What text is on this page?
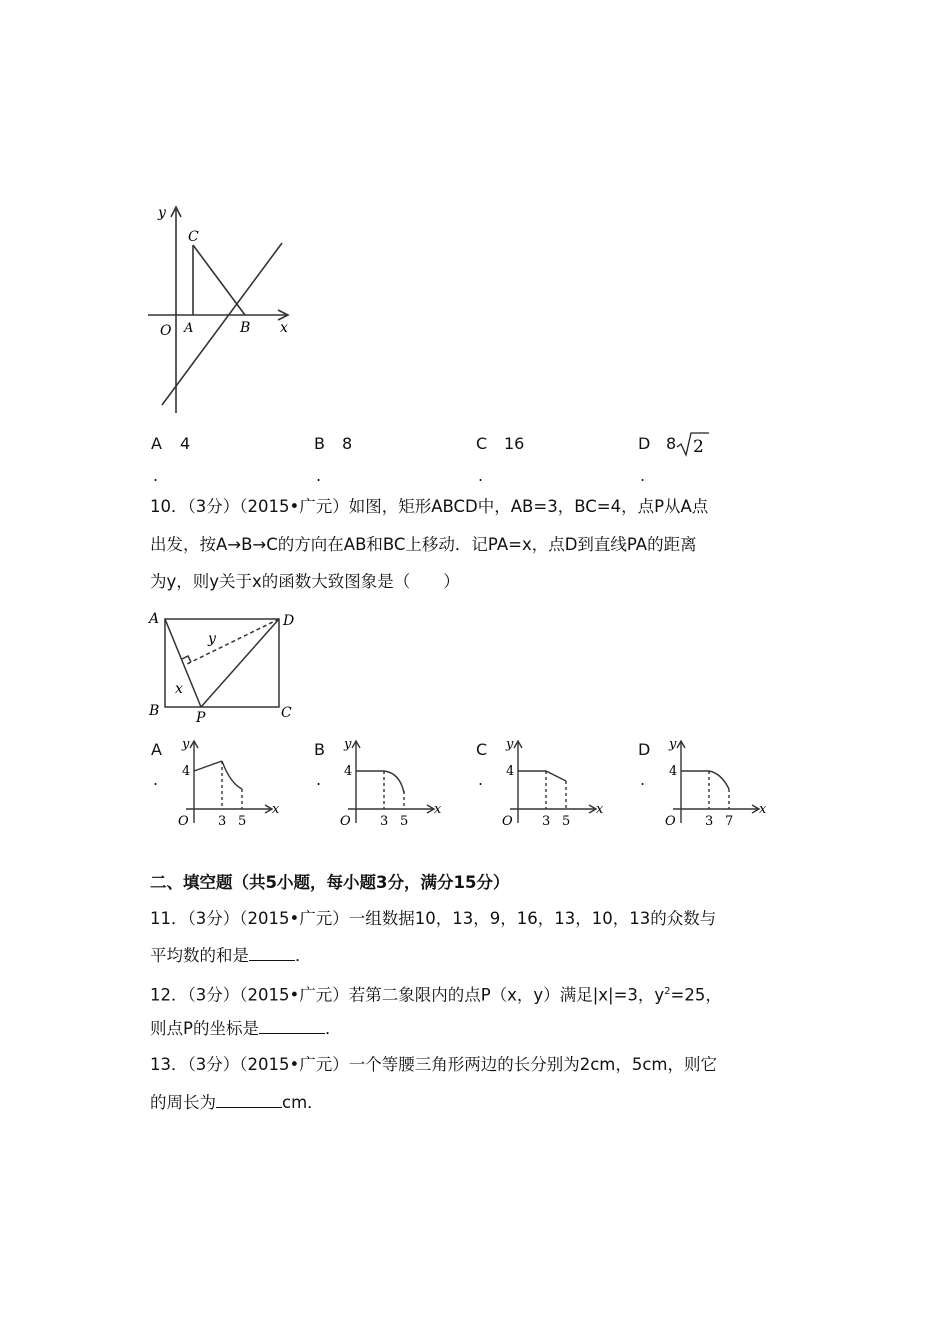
y
C
O A	B x
A 4
.
B 8
.
C 16
.
D 8 2
.
10．（3分）（2015•广元）如图，矩形ABCD中，AB=3，BC=4，点P从A点
出发，按A→B→C的方向在AB和BC上移动．记PA=x，点D到直线PA的距离
为y，则y关于x的函数大致图象是（　　）
A	D
B	P	C
x
y
A
.
y
4
O 3 5
x
B
.
y
4
O 3 5
x
C
.
y
4
O 3 5
x
D
.
y
4
O 3 7
x
二、填空题（共5小题，每小题3分，满分15分）
11．（3分）（2015•广元）一组数据10，13，9，16，13，10，13的众数与
平均数的和是	．
12．（3分）（2015•广元）若第二象限内的点P（x，y）满足|x|=3，$y^2=25$，
则点P的坐标是	．
13．（3分）（2015•广元）一个等腰三角形两边的长分别为2cm，5cm，则它
的周长为	cm．
